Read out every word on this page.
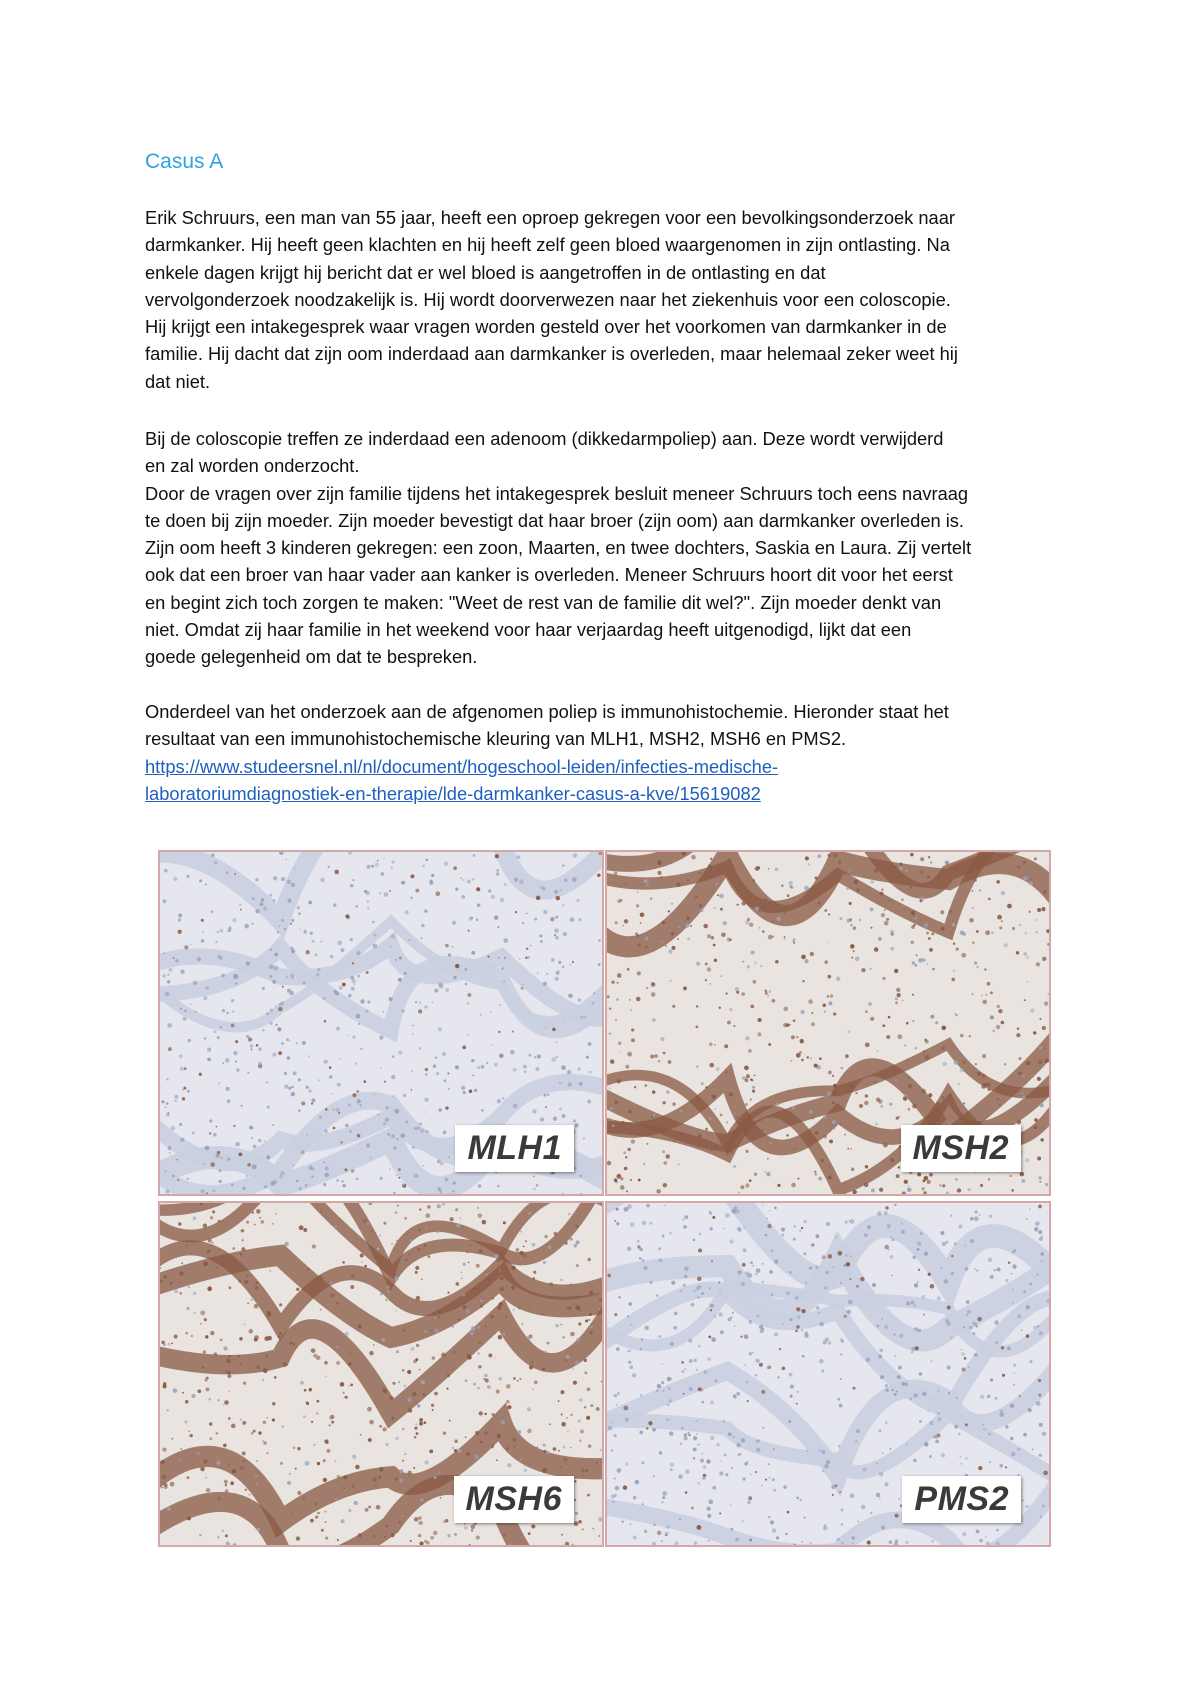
Casus A
Erik Schruurs, een man van 55 jaar, heeft een oproep gekregen voor een bevolkingsonderzoek naar
darmkanker. Hij heeft geen klachten en hij heeft zelf geen bloed waargenomen in zijn ontlasting. Na
enkele dagen krijgt hij bericht dat er wel bloed is aangetroffen in de ontlasting en dat
vervolgonderzoek noodzakelijk is. Hij wordt doorverwezen naar het ziekenhuis voor een coloscopie.
Hij krijgt een intakegesprek waar vragen worden gesteld over het voorkomen van darmkanker in de
familie. Hij dacht dat zijn oom inderdaad aan darmkanker is overleden, maar helemaal zeker weet hij
dat niet.
Bij de coloscopie treffen ze inderdaad een adenoom (dikkedarmpoliep) aan. Deze wordt verwijderd
en zal worden onderzocht.
Door de vragen over zijn familie tijdens het intakegesprek besluit meneer Schruurs toch eens navraag
te doen bij zijn moeder. Zijn moeder bevestigt dat haar broer (zijn oom) aan darmkanker overleden is.
Zijn oom heeft 3 kinderen gekregen: een zoon, Maarten, en twee dochters, Saskia en Laura. Zij vertelt
ook dat een broer van haar vader aan kanker is overleden. Meneer Schruurs hoort dit voor het eerst
en begint zich toch zorgen te maken: "Weet de rest van de familie dit wel?". Zijn moeder denkt van
niet. Omdat zij haar familie in het weekend voor haar verjaardag heeft uitgenodigd, lijkt dat een
goede gelegenheid om dat te bespreken.
Onderdeel van het onderzoek aan de afgenomen poliep is immunohistochemie. Hieronder staat het
resultaat van een immunohistochemische kleuring van MLH1, MSH2, MSH6 en PMS2.
https://www.studeersnel.nl/nl/document/hogeschool-leiden/infecties-medische-
laboratoriumdiagnostiek-en-therapie/lde-darmkanker-casus-a-kve/15619082
MLH1	MSH2
MSH6	PMS2
